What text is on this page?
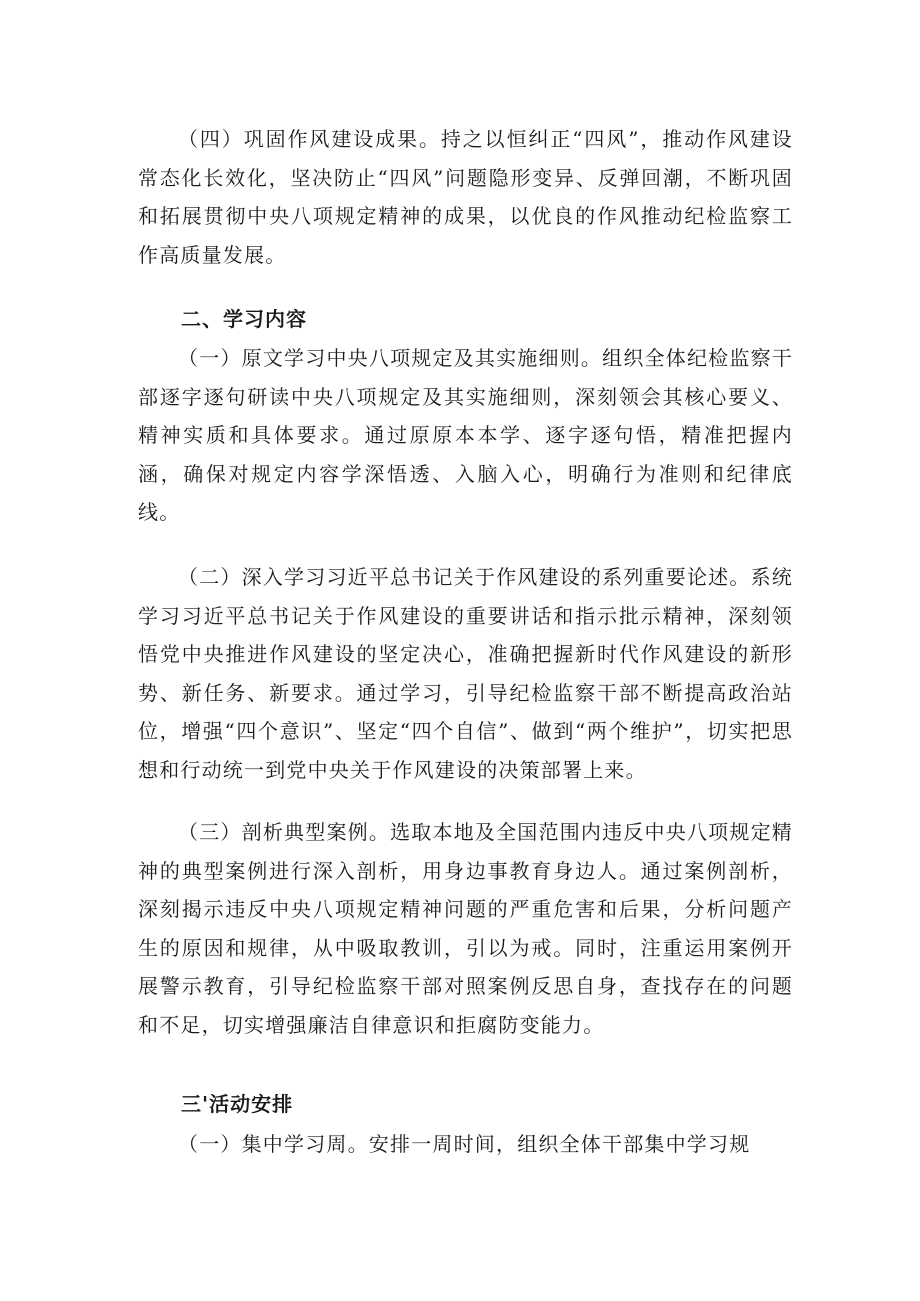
（四）巩固作风建设成果。持之以恒纠正“四风”，推动作风建设常态化长效化，坚决防止“四风”问题隐形变异、反弹回潮，不断巩固和拓展贯彻中央八项规定精神的成果，以优良的作风推动纪检监察工作高质量发展。

二、学习内容

（一）原文学习中央八项规定及其实施细则。组织全体纪检监察干部逐字逐句研读中央八项规定及其实施细则，深刻领会其核心要义、精神实质和具体要求。通过原原本本学、逐字逐句悟，精准把握内涵，确保对规定内容学深悟透、入脑入心，明确行为准则和纪律底线。

（二）深入学习习近平总书记关于作风建设的系列重要论述。系统学习习近平总书记关于作风建设的重要讲话和指示批示精神，深刻领悟党中央推进作风建设的坚定决心，准确把握新时代作风建设的新形势、新任务、新要求。通过学习，引导纪检监察干部不断提高政治站位，增强“四个意识”、坚定“四个自信”、做到“两个维护”，切实把思想和行动统一到党中央关于作风建设的决策部署上来。

（三）剖析典型案例。选取本地及全国范围内违反中央八项规定精神的典型案例进行深入剖析，用身边事教育身边人。通过案例剖析，深刻揭示违反中央八项规定精神问题的严重危害和后果，分析问题产生的原因和规律，从中吸取教训，引以为戒。同时，注重运用案例开展警示教育，引导纪检监察干部对照案例反思自身，查找存在的问题和不足，切实增强廉洁自律意识和拒腐防变能力。

三'活动安排

（一）集中学习周。安排一周时间，组织全体干部集中学习规
